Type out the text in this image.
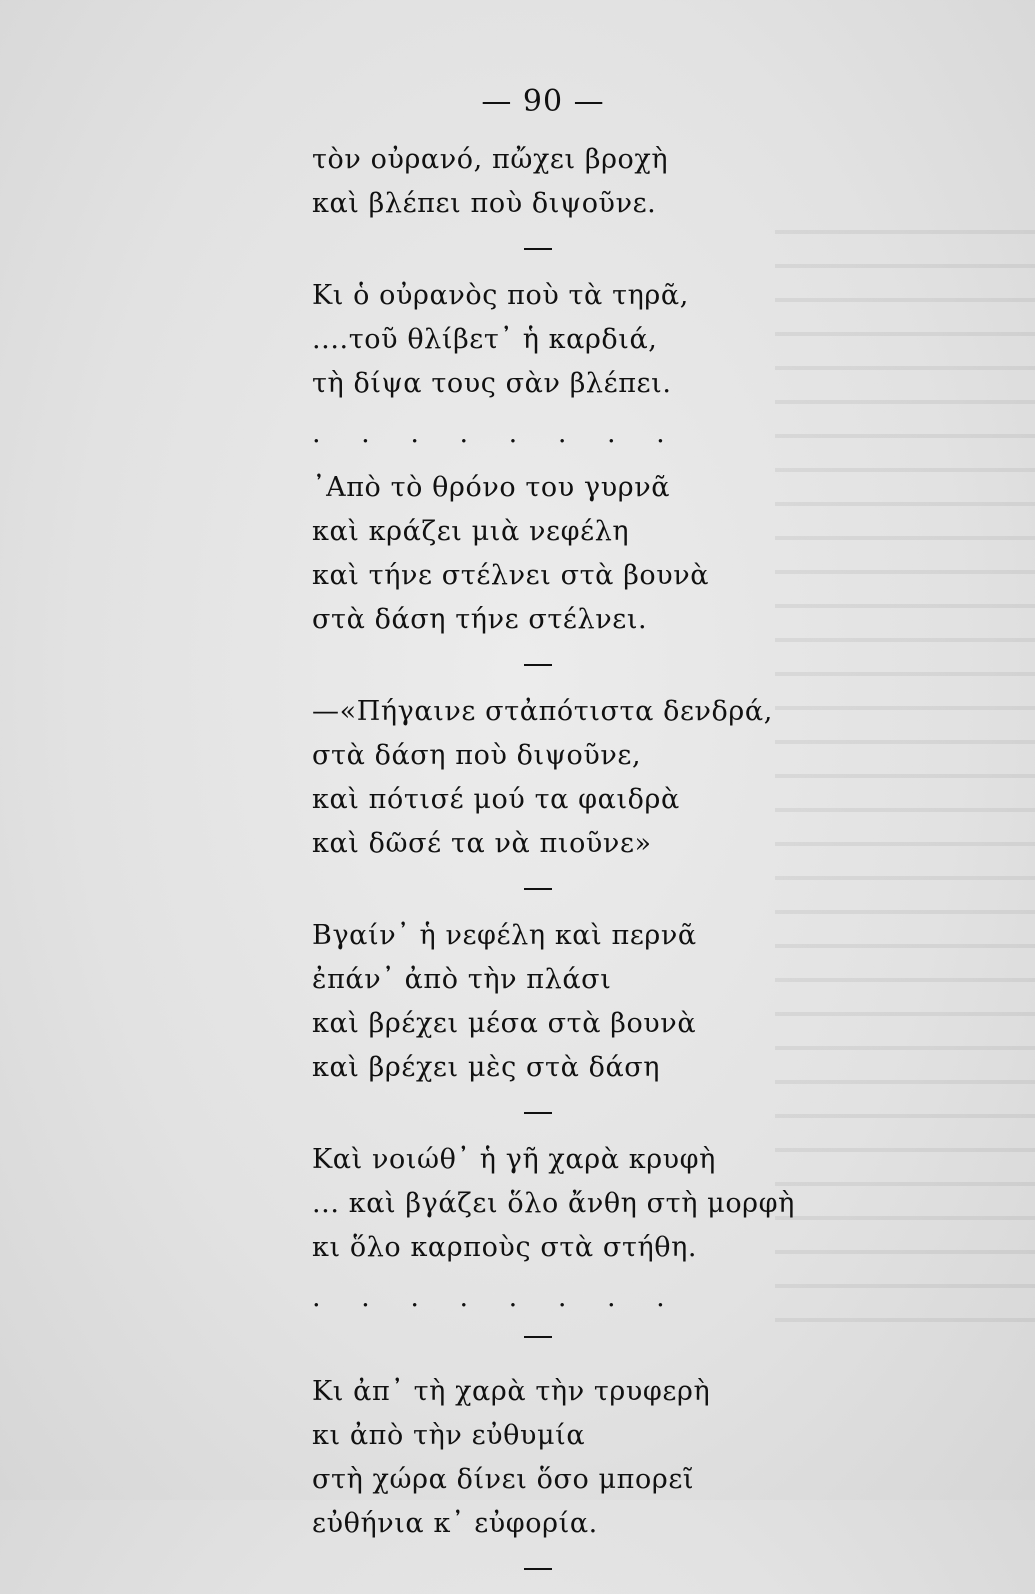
— 90 —
τὸν οὐρανό, πὤχει βροχὴ
καὶ βλέπει ποὺ διψοῦνε.
Κι ὁ οὐρανὸς ποὺ τὰ τηρᾶ,
....τοῦ θλίβετ᾽ ἡ καρδιά,
τὴ δίψα τους σὰν βλέπει.
. . . . . . . .
᾽Απὸ τὸ θρόνο του γυρνᾶ
καὶ κράζει μιὰ νεφέλη
καὶ τήνε στέλνει στὰ βουνὰ
στὰ δάση τήνε στέλνει.
—«Πήγαινε στἀπότιστα δενδρά,
στὰ δάση ποὺ διψοῦνε,
καὶ πότισέ μού τα φαιδρὰ
καὶ δῶσέ τα νὰ πιοῦνε»
Βγαίν᾽ ἡ νεφέλη καὶ περνᾶ
ἐπάν᾽ ἀπὸ τὴν πλάσι
καὶ βρέχει μέσα στὰ βουνὰ
καὶ βρέχει μὲς στὰ δάση
Καὶ νοιώθ᾽ ἡ γῆ χαρὰ κρυφὴ
... καὶ βγάζει ὅλο ἄνθη στὴ μορφὴ
κι ὅλο καρποὺς στὰ στήθη.
. . . . . . . .
Κι ἀπ᾽ τὴ χαρὰ τὴν τρυφερὴ
κι ἀπὸ τὴν εὐθυμία
στὴ χώρα δίνει ὅσο μπορεῖ
εὐθήνια κ᾽ εὐφορία.
